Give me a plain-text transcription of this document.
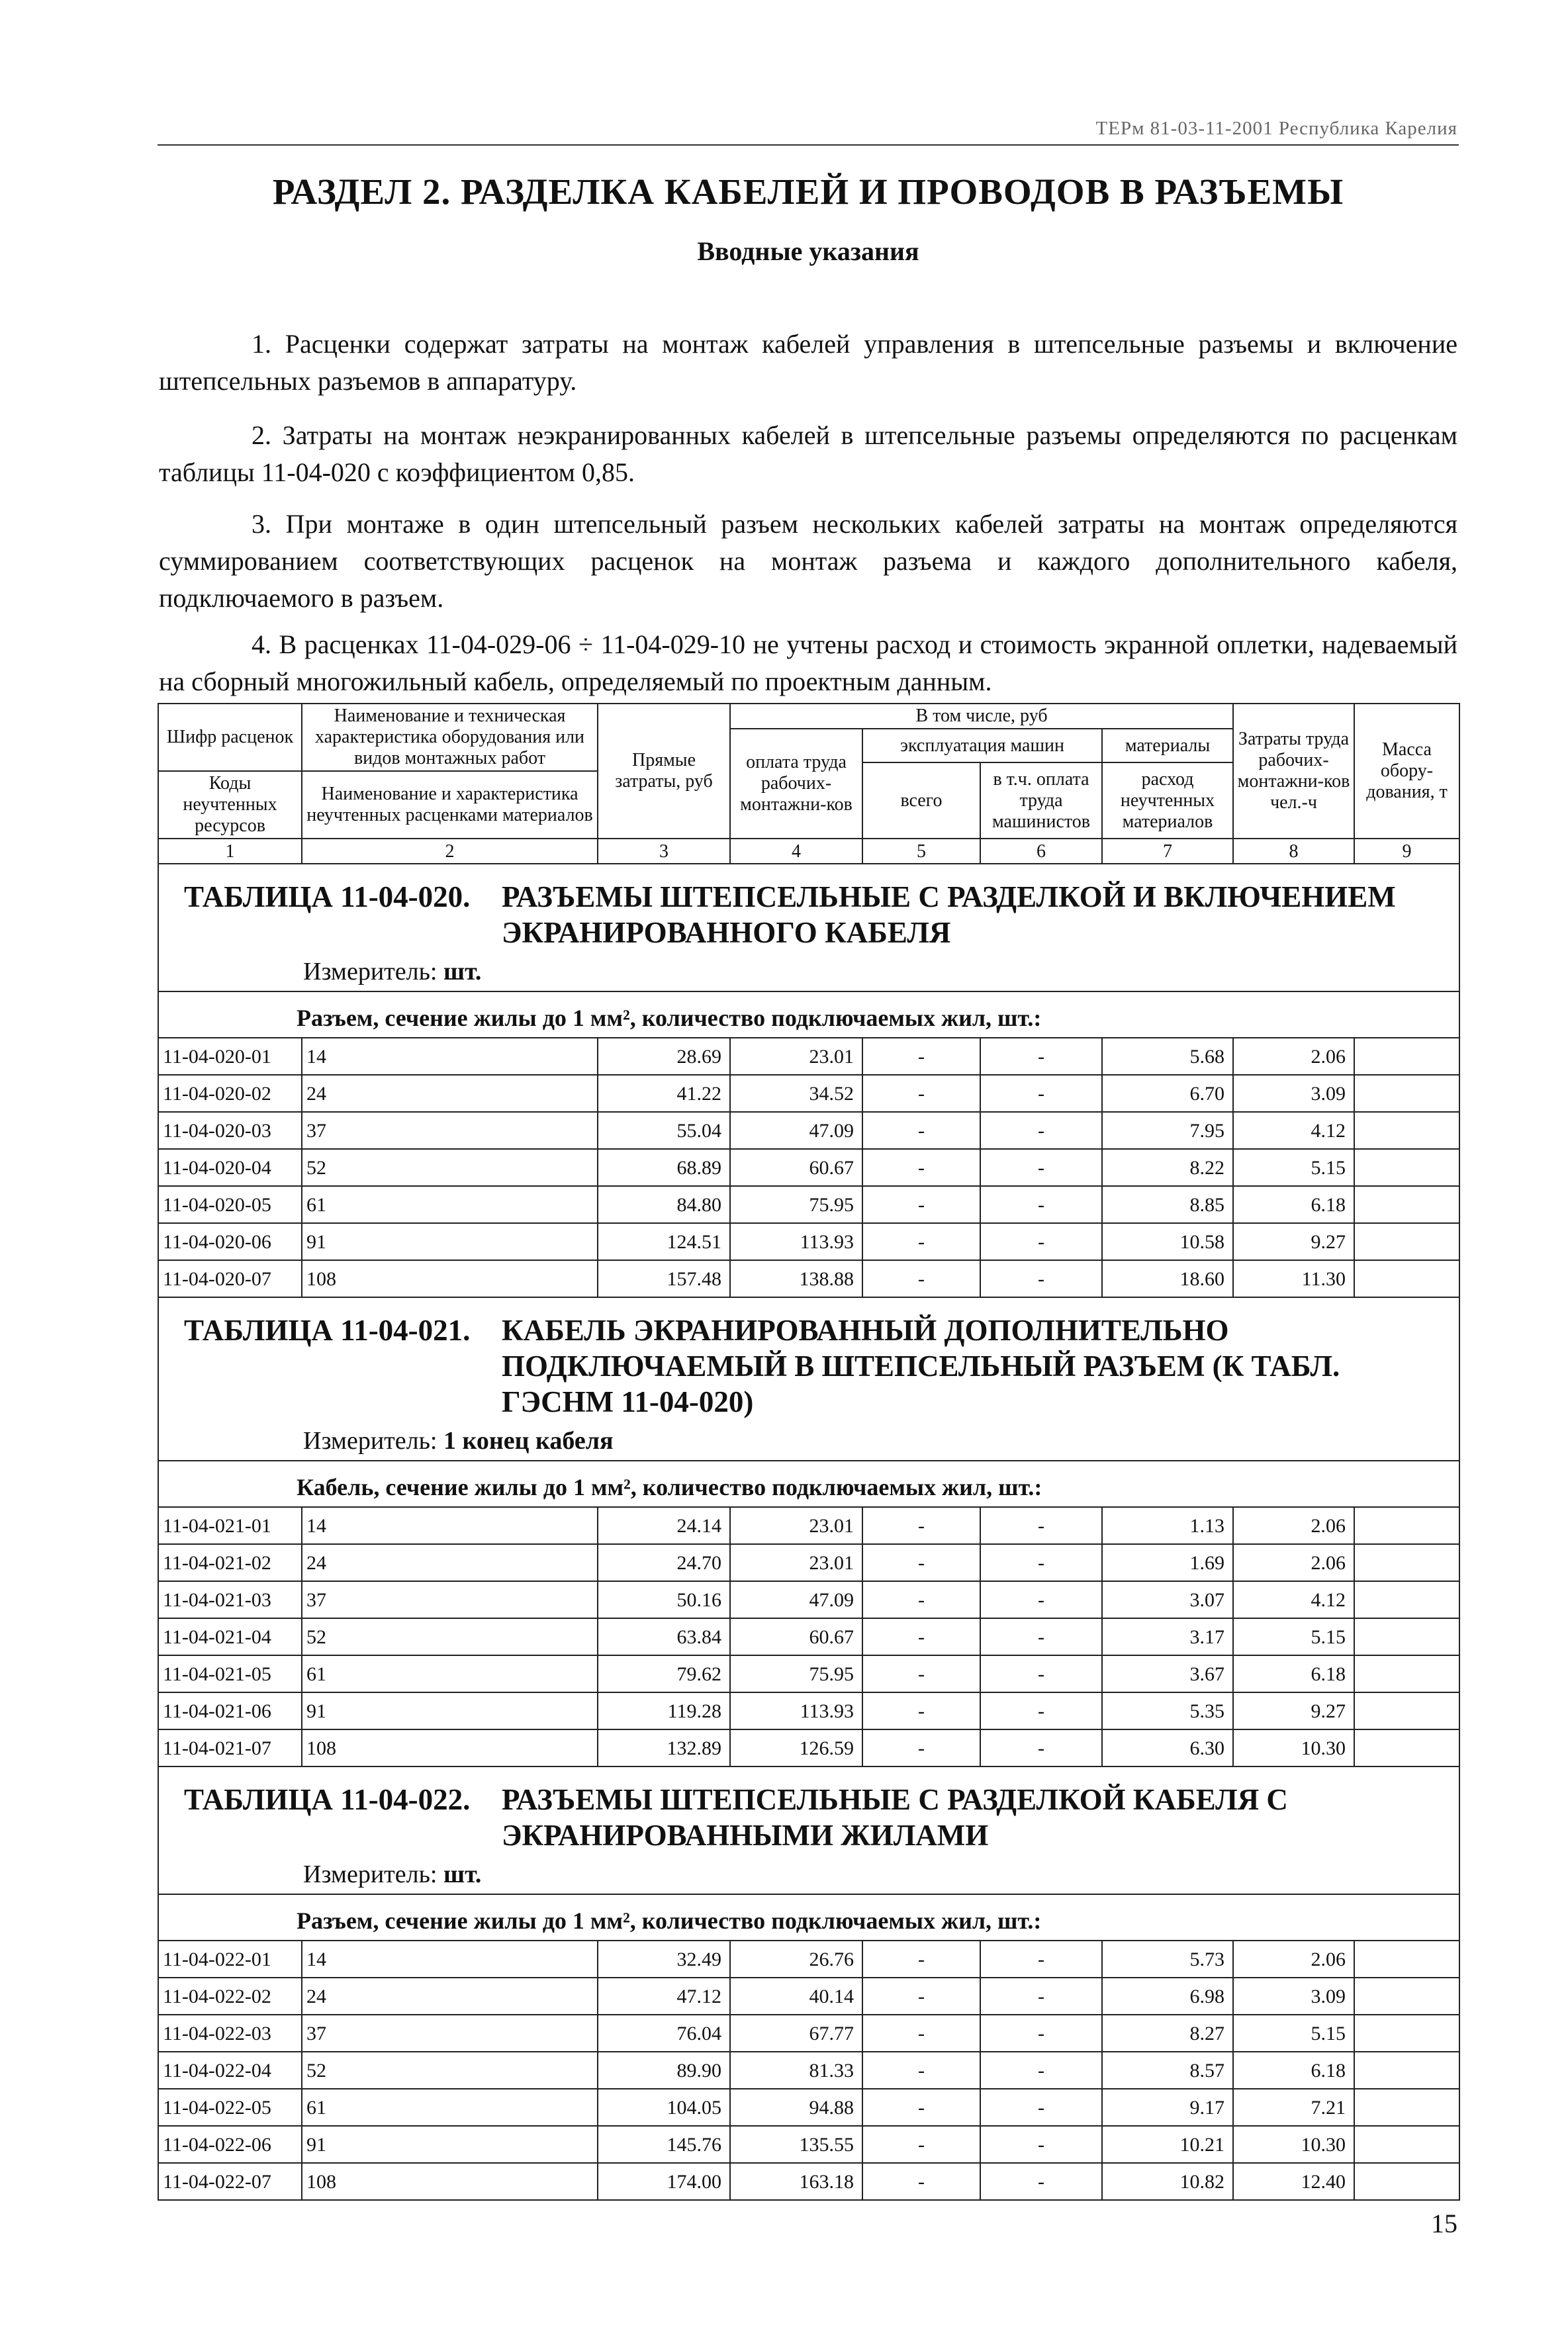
ТЕРм 81-03-11-2001 Республика Карелия
РАЗДЕЛ 2. РАЗДЕЛКА КАБЕЛЕЙ И ПРОВОДОВ В РАЗЪЕМЫ
Вводные указания

1. Расценки содержат затраты на монтаж кабелей управления в штепсельные разъемы и включение штепсельных разъемов в аппаратуру.

2. Затраты на монтаж неэкранированных кабелей в штепсельные разъемы определяются по расценкам таблицы 11-04-020 с коэффициентом 0,85.

3. При монтаже в один штепсельный разъем нескольких кабелей затраты на монтаж определяются суммированием соответствующих расценок на монтаж разъема и каждого дополнительного кабеля, подключаемого в разъем.

4. В расценках 11-04-029-06 ÷ 11-04-029-10 не учтены расход и стоимость экранной оплетки, надеваемый на сборный многожильный кабель, определяемый по проектным данным.

Шифр расценок	Наименование и техническая характеристика оборудования или видов монтажных работ	Прямые затраты, руб	В том числе, руб				Затраты труда рабочих-монтажни-ков чел.-ч	Масса обору-дования, т
			оплата труда рабочих-монтажни-ков	эксплуатация машин		материалы		
				всего	в т.ч. оплата труда машинистов	расход неучтенных материалов		
Коды неучтенных ресурсов	Наименование и характеристика неучтенных расценками материалов							

1	2	3	4	5	6	7	8	9

ТАБЛИЦА 11-04-020. РАЗЪЕМЫ ШТЕПСЕЛЬНЫЕ С РАЗДЕЛКОЙ И ВКЛЮЧЕНИЕМ ЭКРАНИРОВАННОГО КАБЕЛЯ								

Измеритель: шт.								

Разъем, сечение жилы до 1 мм², количество подключаемых жил, шт.:								
11-04-020-01	14	28.69	23.01	-	-	5.68	2.06	
11-04-020-02	24	41.22	34.52	-	-	6.70	3.09	
11-04-020-03	37	55.04	47.09	-	-	7.95	4.12	
11-04-020-04	52	68.89	60.67	-	-	8.22	5.15	
11-04-020-05	61	84.80	75.95	-	-	8.85	6.18	
11-04-020-06	91	124.51	113.93	-	-	10.58	9.27	
11-04-020-07	108	157.48	138.88	-	-	18.60	11.30	

ТАБЛИЦА 11-04-021. КАБЕЛЬ ЭКРАНИРОВАННЫЙ ДОПОЛНИТЕЛЬНО ПОДКЛЮЧАЕМЫЙ В ШТЕПСЕЛЬНЫЙ РАЗЪЕМ (К ТАБЛ. ГЭСНМ 11-04-020)								

Измеритель: 1 конец кабеля								

Кабель, сечение жилы до 1 мм², количество подключаемых жил, шт.:								
11-04-021-01	14	24.14	23.01	-	-	1.13	2.06	
11-04-021-02	24	24.70	23.01	-	-	1.69	2.06	
11-04-021-03	37	50.16	47.09	-	-	3.07	4.12	
11-04-021-04	52	63.84	60.67	-	-	3.17	5.15	
11-04-021-05	61	79.62	75.95	-	-	3.67	6.18	
11-04-021-06	91	119.28	113.93	-	-	5.35	9.27	
11-04-021-07	108	132.89	126.59	-	-	6.30	10.30	

ТАБЛИЦА 11-04-022. РАЗЪЕМЫ ШТЕПСЕЛЬНЫЕ С РАЗДЕЛКОЙ КАБЕЛЯ С ЭКРАНИРОВАННЫМИ ЖИЛАМИ								

Измеритель: шт.								

Разъем, сечение жилы до 1 мм², количество подключаемых жил, шт.:								
11-04-022-01	14	32.49	26.76	-	-	5.73	2.06	
11-04-022-02	24	47.12	40.14	-	-	6.98	3.09	
11-04-022-03	37	76.04	67.77	-	-	8.27	5.15	
11-04-022-04	52	89.90	81.33	-	-	8.57	6.18	
11-04-022-05	61	104.05	94.88	-	-	9.17	7.21	
11-04-022-06	91	145.76	135.55	-	-	10.21	10.30	
11-04-022-07	108	174.00	163.18	-	-	10.82	12.40	
15
